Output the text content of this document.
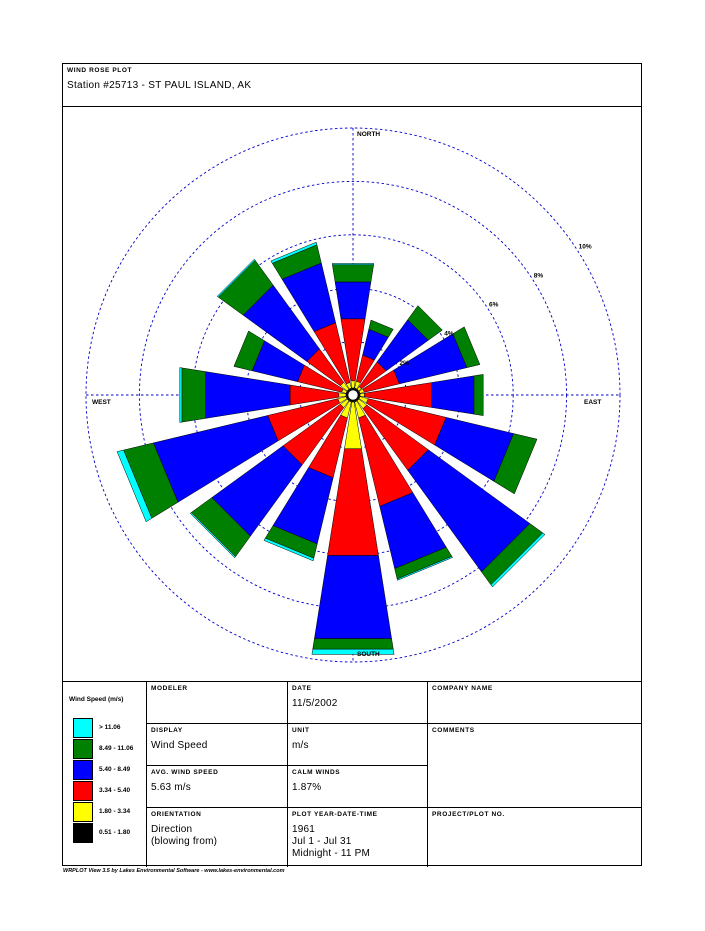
WIND ROSE PLOT
Station #25713 - ST PAUL ISLAND, AK
2%
4%
6%
8%
10%
NORTH
EAST
SOUTH
WEST
Wind Speed (m/s)
> 11.06
8.49 - 11.06
5.40 - 8.49
3.34 - 5.40
1.80 - 3.34
0.51 - 1.80
MODELER	DATE
11/5/2002
COMPANY NAME
DISPLAY
Wind Speed
UNIT
m/s
COMMENTS
AVG. WIND SPEED
5.63 m/s
CALM WINDS
1.87%
ORIENTATION
Direction
(blowing from)
PLOT YEAR-DATE-TIME
1961
Jul 1 - Jul 31
Midnight - 11 PM
PROJECT/PLOT NO.
WRPLOT View 3.5 by Lakes Environmental Software - www.lakes-environmental.com
